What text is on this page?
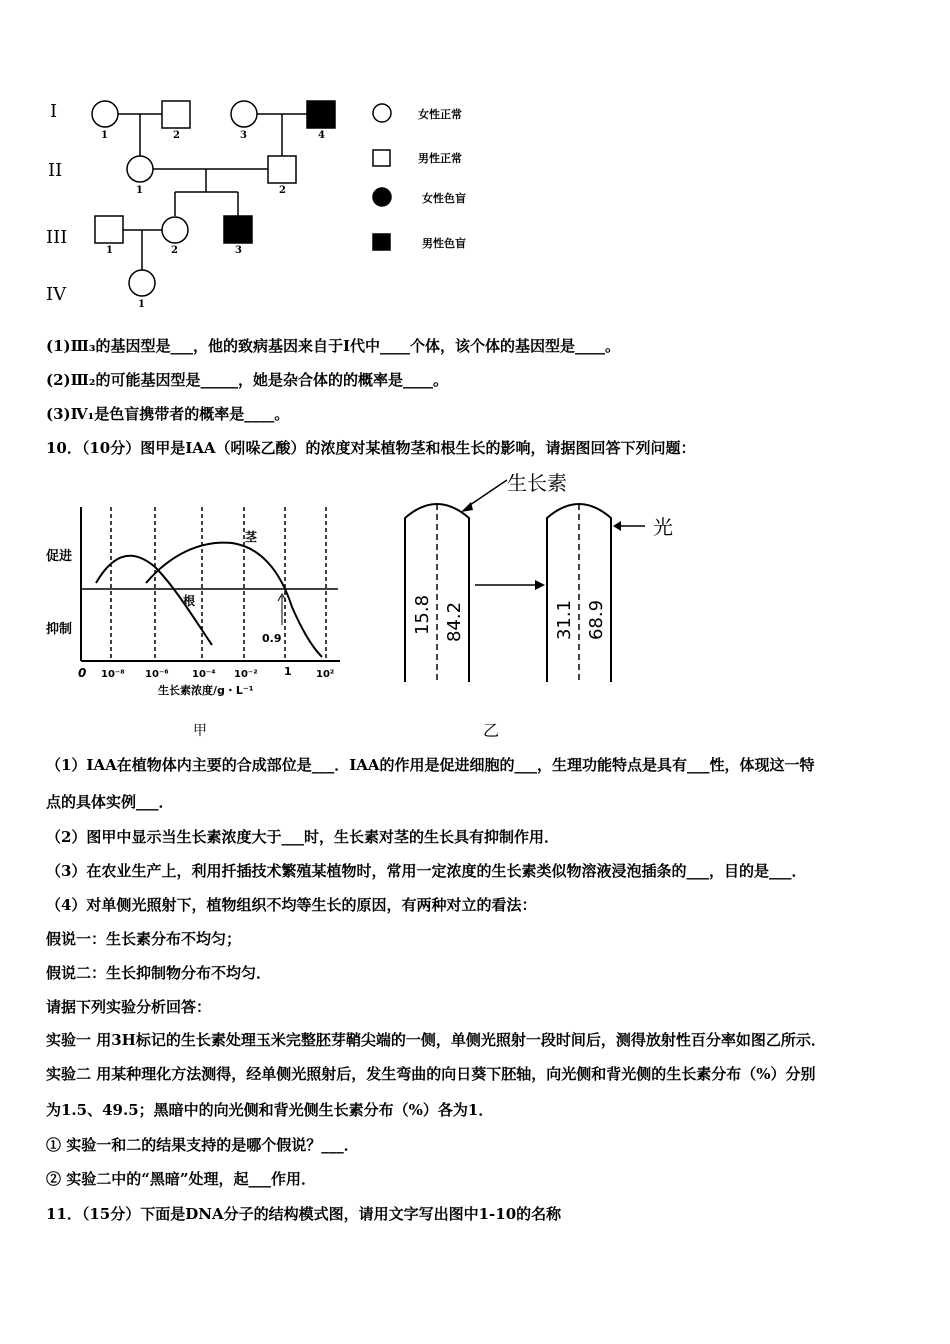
I
II
III
IV
1	2	3	4
1	2
1	2	3
1
女性正常
男性正常
女性色盲
男性色盲
(1)Ⅲ₃的基因型是___，他的致病基因来自于Ⅰ代中____个体，该个体的基因型是____。
(2)Ⅲ₂的可能基因型是_____，她是杂合体的的概率是____。
(3)Ⅳ₁是色盲携带者的概率是____。
10．（10分）图甲是IAA（吲哚乙酸）的浓度对某植物茎和根生长的影响，请据图回答下列问题：
1
0 10⁻⁸ 10⁻⁶ 10⁻⁴ 10⁻²	10²
促进
抑制
茎
根
0.9
生长素浓度/g・L⁻¹
甲
生长素
光
15.8 84.2	31.1 68.9
乙
（1）IAA在植物体内主要的合成部位是___．IAA的作用是促进细胞的___，生理功能特点是具有___性，体现这一特
点的具体实例___．
（2）图甲中显示当生长素浓度大于___时，生长素对茎的生长具有抑制作用．
（3）在农业生产上，利用扦插技术繁殖某植物时，常用一定浓度的生长素类似物溶液浸泡插条的___，目的是___．
（4）对单侧光照射下，植物组织不均等生长的原因，有两种对立的看法：
假说一：生长素分布不均匀；
假说二：生长抑制物分布不均匀．
请据下列实验分析回答：
实验一 用3H标记的生长素处理玉米完整胚芽鞘尖端的一侧，单侧光照射一段时间后，测得放射性百分率如图乙所示．
实验二 用某种理化方法测得，经单侧光照射后，发生弯曲的向日葵下胚轴，向光侧和背光侧的生长素分布（%）分别
为1.5、49.5；黑暗中的向光侧和背光侧生长素分布（%）各为1．
① 实验一和二的结果支持的是哪个假说？___．
② 实验二中的“黑暗”处理，起___作用．
11．（15分）下面是DNA分子的结构模式图，请用文字写出图中1-10的名称
